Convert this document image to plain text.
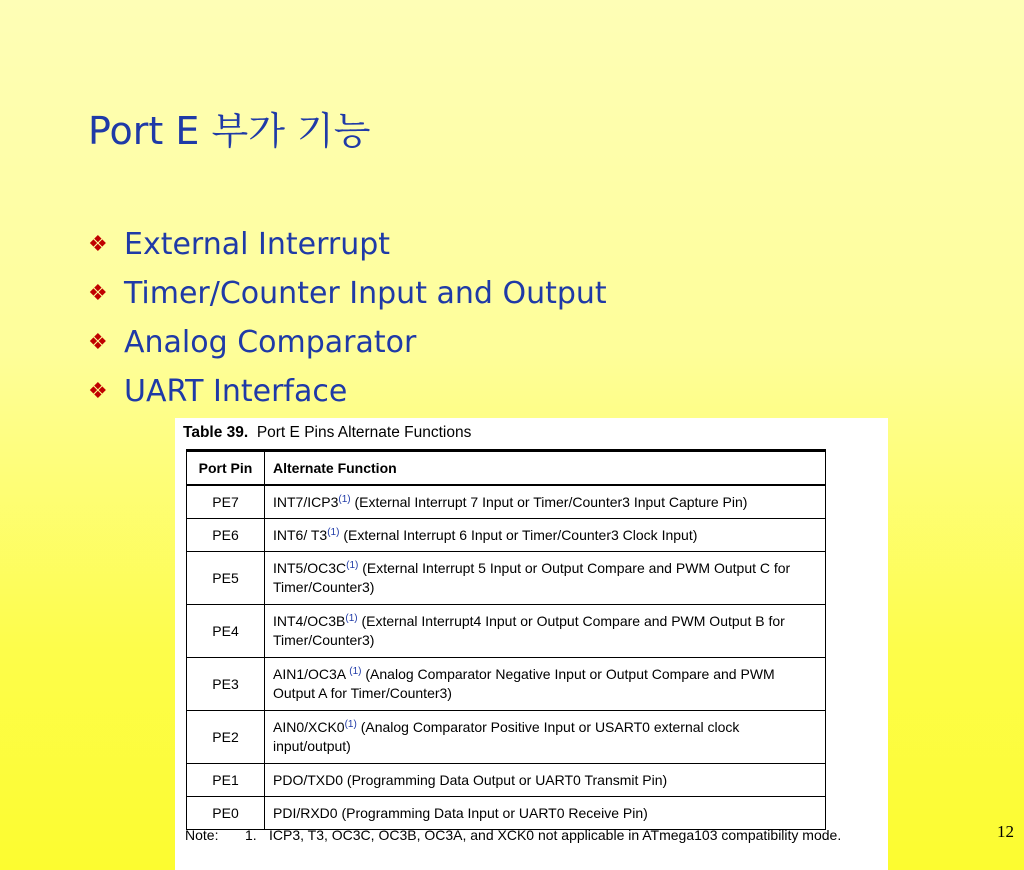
Port E 부가 기능
❖ External Interrupt
❖ Timer/Counter Input and Output
❖ Analog Comparator
❖ UART Interface
Table 39. Port E Pins Alternate Functions
Port Pin	Alternate Function
PE7	INT7/ICP3$^{(1)}$ (External Interrupt 7 Input or Timer/Counter3 Input Capture Pin)
PE6	INT6/ T3$^{(1)}$ (External Interrupt 6 Input or Timer/Counter3 Clock Input)
PE5	INT5/OC3C$^{(1)}$ (External Interrupt 5 Input or Output Compare and PWM Output C for Timer/Counter3)
PE4	INT4/OC3B$^{(1)}$ (External Interrupt4 Input or Output Compare and PWM Output B for Timer/Counter3)
PE3	AIN1/OC3A $^{(1)}$ (Analog Comparator Negative Input or Output Compare and PWM Output A for Timer/Counter3)
PE2	AIN0/XCK0$^{(1)}$ (Analog Comparator Positive Input or USART0 external clock input/output)
PE1	PDO/TXD0 (Programming Data Output or UART0 Transmit Pin)
PE0	PDI/RXD0 (Programming Data Input or UART0 Receive Pin)
Note: 1. ICP3, T3, OC3C, OC3B, OC3A, and XCK0 not applicable in ATmega103 compatibility mode.	12
